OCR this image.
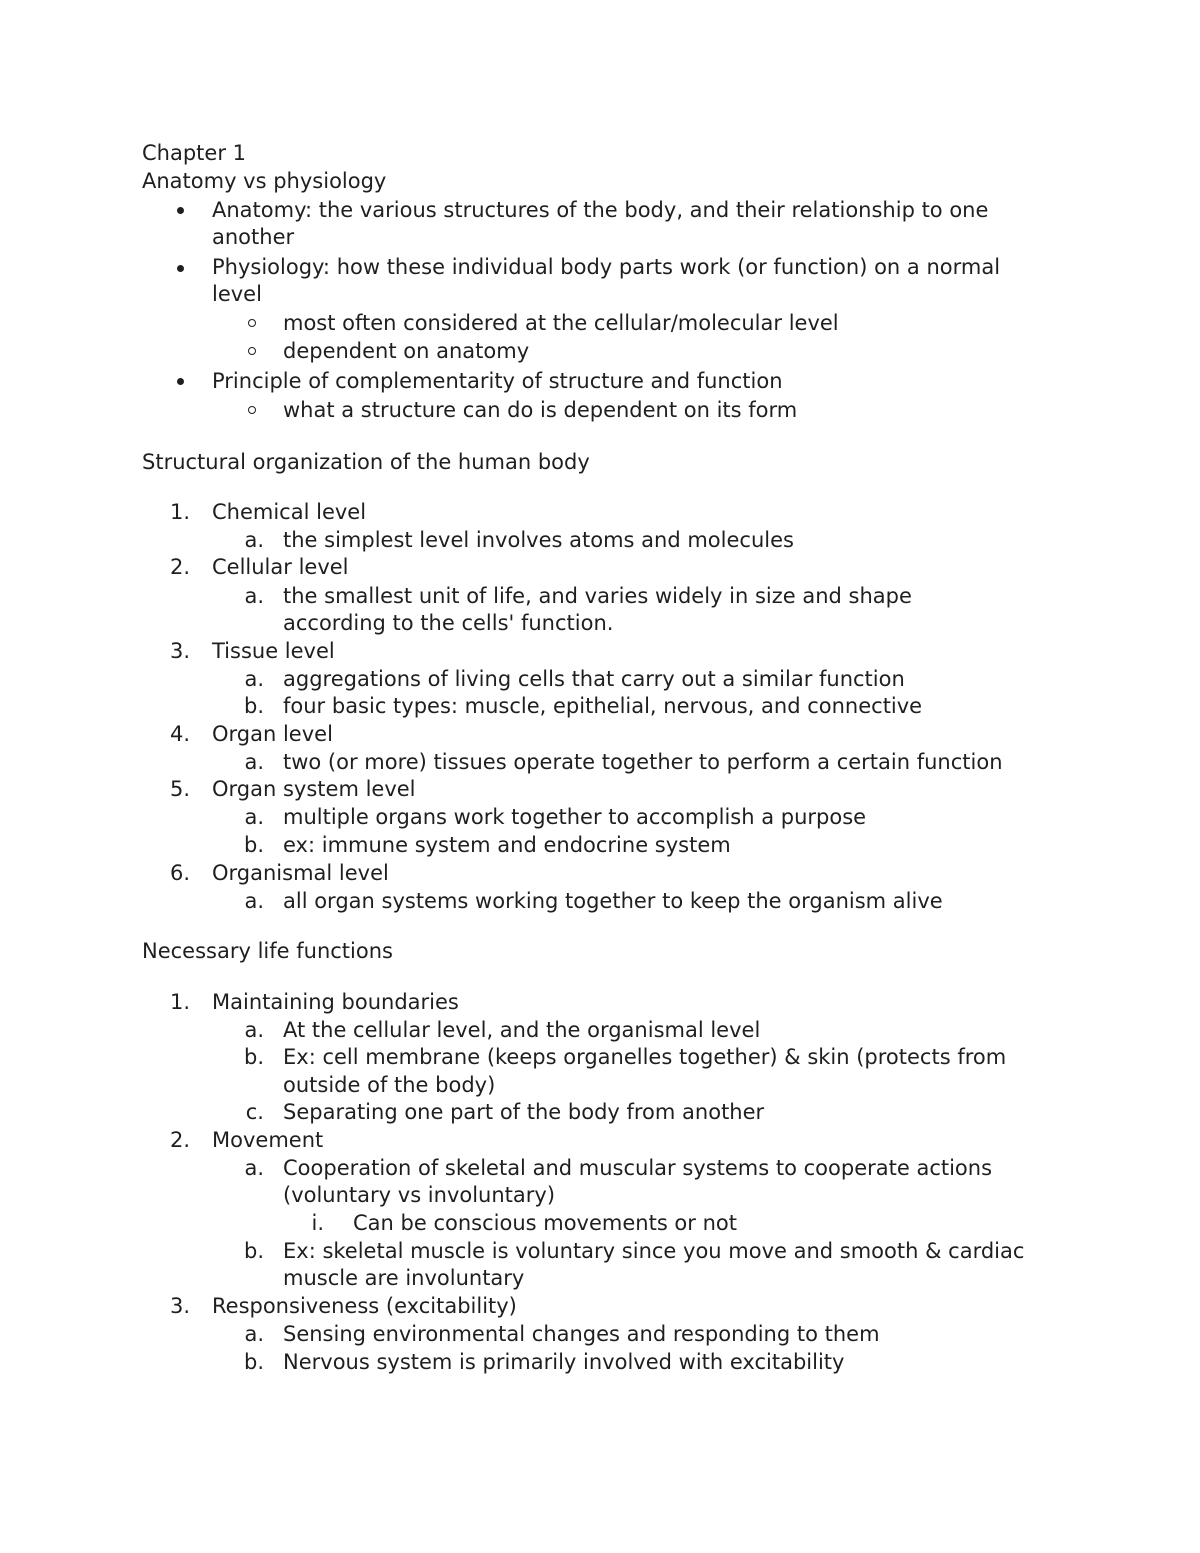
Chapter 1
Anatomy vs physiology
Anatomy: the various structures of the body, and their relationship to one
another
Physiology: how these individual body parts work (or function) on a normal
level
most often considered at the cellular/molecular level
dependent on anatomy
Principle of complementarity of structure and function
what a structure can do is dependent on its form
Structural organization of the human body
1. Chemical level
a. the simplest level involves atoms and molecules
2. Cellular level
a. the smallest unit of life, and varies widely in size and shape
according to the cells' function.
3. Tissue level
a. aggregations of living cells that carry out a similar function
b. four basic types: muscle, epithelial, nervous, and connective
4. Organ level
a. two (or more) tissues operate together to perform a certain function
5. Organ system level
a. multiple organs work together to accomplish a purpose
b. ex: immune system and endocrine system
6. Organismal level
a. all organ systems working together to keep the organism alive
Necessary life functions
1. Maintaining boundaries
a. At the cellular level, and the organismal level
b. Ex: cell membrane (keeps organelles together) & skin (protects from
outside of the body)
c. Separating one part of the body from another
2. Movement
a. Cooperation of skeletal and muscular systems to cooperate actions
(voluntary vs involuntary)
i. Can be conscious movements or not
b. Ex: skeletal muscle is voluntary since you move and smooth & cardiac
muscle are involuntary
3. Responsiveness (excitability)
a. Sensing environmental changes and responding to them
b. Nervous system is primarily involved with excitability
